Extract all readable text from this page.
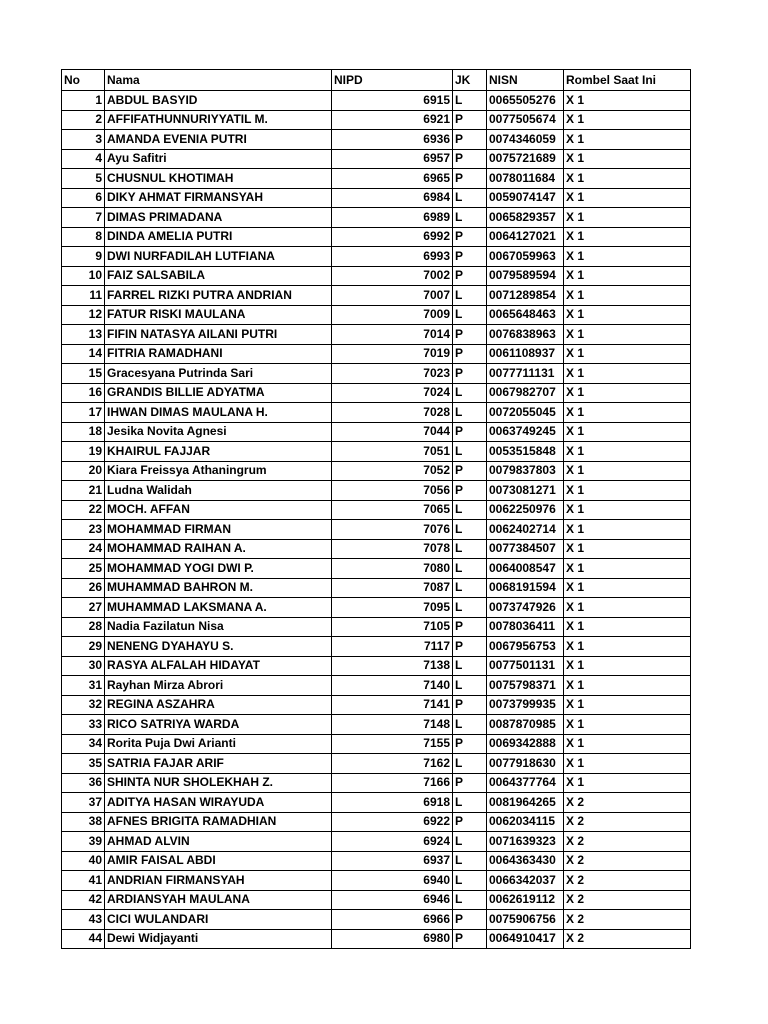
No	Nama	NIPD	JK	NISN	Rombel Saat Ini
1	ABDUL BASYID	6915	L	0065505276	X 1
2	AFFIFATHUNNURIYYATIL M.	6921	P	0077505674	X 1
3	AMANDA EVENIA PUTRI	6936	P	0074346059	X 1
4	Ayu Safitri	6957	P	0075721689	X 1
5	CHUSNUL KHOTIMAH	6965	P	0078011684	X 1
6	DIKY AHMAT FIRMANSYAH	6984	L	0059074147	X 1
7	DIMAS PRIMADANA	6989	L	0065829357	X 1
8	DINDA AMELIA PUTRI	6992	P	0064127021	X 1
9	DWI NURFADILAH LUTFIANA	6993	P	0067059963	X 1
10	FAIZ SALSABILA	7002	P	0079589594	X 1
11	FARREL RIZKI PUTRA ANDRIAN	7007	L	0071289854	X 1
12	FATUR RISKI MAULANA	7009	L	0065648463	X 1
13	FIFIN NATASYA AILANI PUTRI	7014	P	0076838963	X 1
14	FITRIA RAMADHANI	7019	P	0061108937	X 1
15	Gracesyana Putrinda Sari	7023	P	0077711131	X 1
16	GRANDIS BILLIE ADYATMA	7024	L	0067982707	X 1
17	IHWAN DIMAS MAULANA H.	7028	L	0072055045	X 1
18	Jesika Novita Agnesi	7044	P	0063749245	X 1
19	KHAIRUL FAJJAR	7051	L	0053515848	X 1
20	Kiara Freissya Athaningrum	7052	P	0079837803	X 1
21	Ludna Walidah	7056	P	0073081271	X 1
22	MOCH. AFFAN	7065	L	0062250976	X 1
23	MOHAMMAD FIRMAN	7076	L	0062402714	X 1
24	MOHAMMAD RAIHAN A.	7078	L	0077384507	X 1
25	MOHAMMAD YOGI DWI P.	7080	L	0064008547	X 1
26	MUHAMMAD BAHRON M.	7087	L	0068191594	X 1
27	MUHAMMAD LAKSMANA A.	7095	L	0073747926	X 1
28	Nadia Fazilatun Nisa	7105	P	0078036411	X 1
29	NENENG DYAHAYU S.	7117	P	0067956753	X 1
30	RASYA ALFALAH HIDAYAT	7138	L	0077501131	X 1
31	Rayhan Mirza Abrori	7140	L	0075798371	X 1
32	REGINA ASZAHRA	7141	P	0073799935	X 1
33	RICO SATRIYA WARDA	7148	L	0087870985	X 1
34	Rorita Puja Dwi Arianti	7155	P	0069342888	X 1
35	SATRIA FAJAR ARIF	7162	L	0077918630	X 1
36	SHINTA NUR SHOLEKHAH Z.	7166	P	0064377764	X 1
37	ADITYA HASAN WIRAYUDA	6918	L	0081964265	X 2
38	AFNES BRIGITA RAMADHIAN	6922	P	0062034115	X 2
39	AHMAD ALVIN	6924	L	0071639323	X 2
40	AMIR FAISAL ABDI	6937	L	0064363430	X 2
41	ANDRIAN FIRMANSYAH	6940	L	0066342037	X 2
42	ARDIANSYAH MAULANA	6946	L	0062619112	X 2
43	CICI WULANDARI	6966	P	0075906756	X 2
44	Dewi Widjayanti	6980	P	0064910417	X 2
